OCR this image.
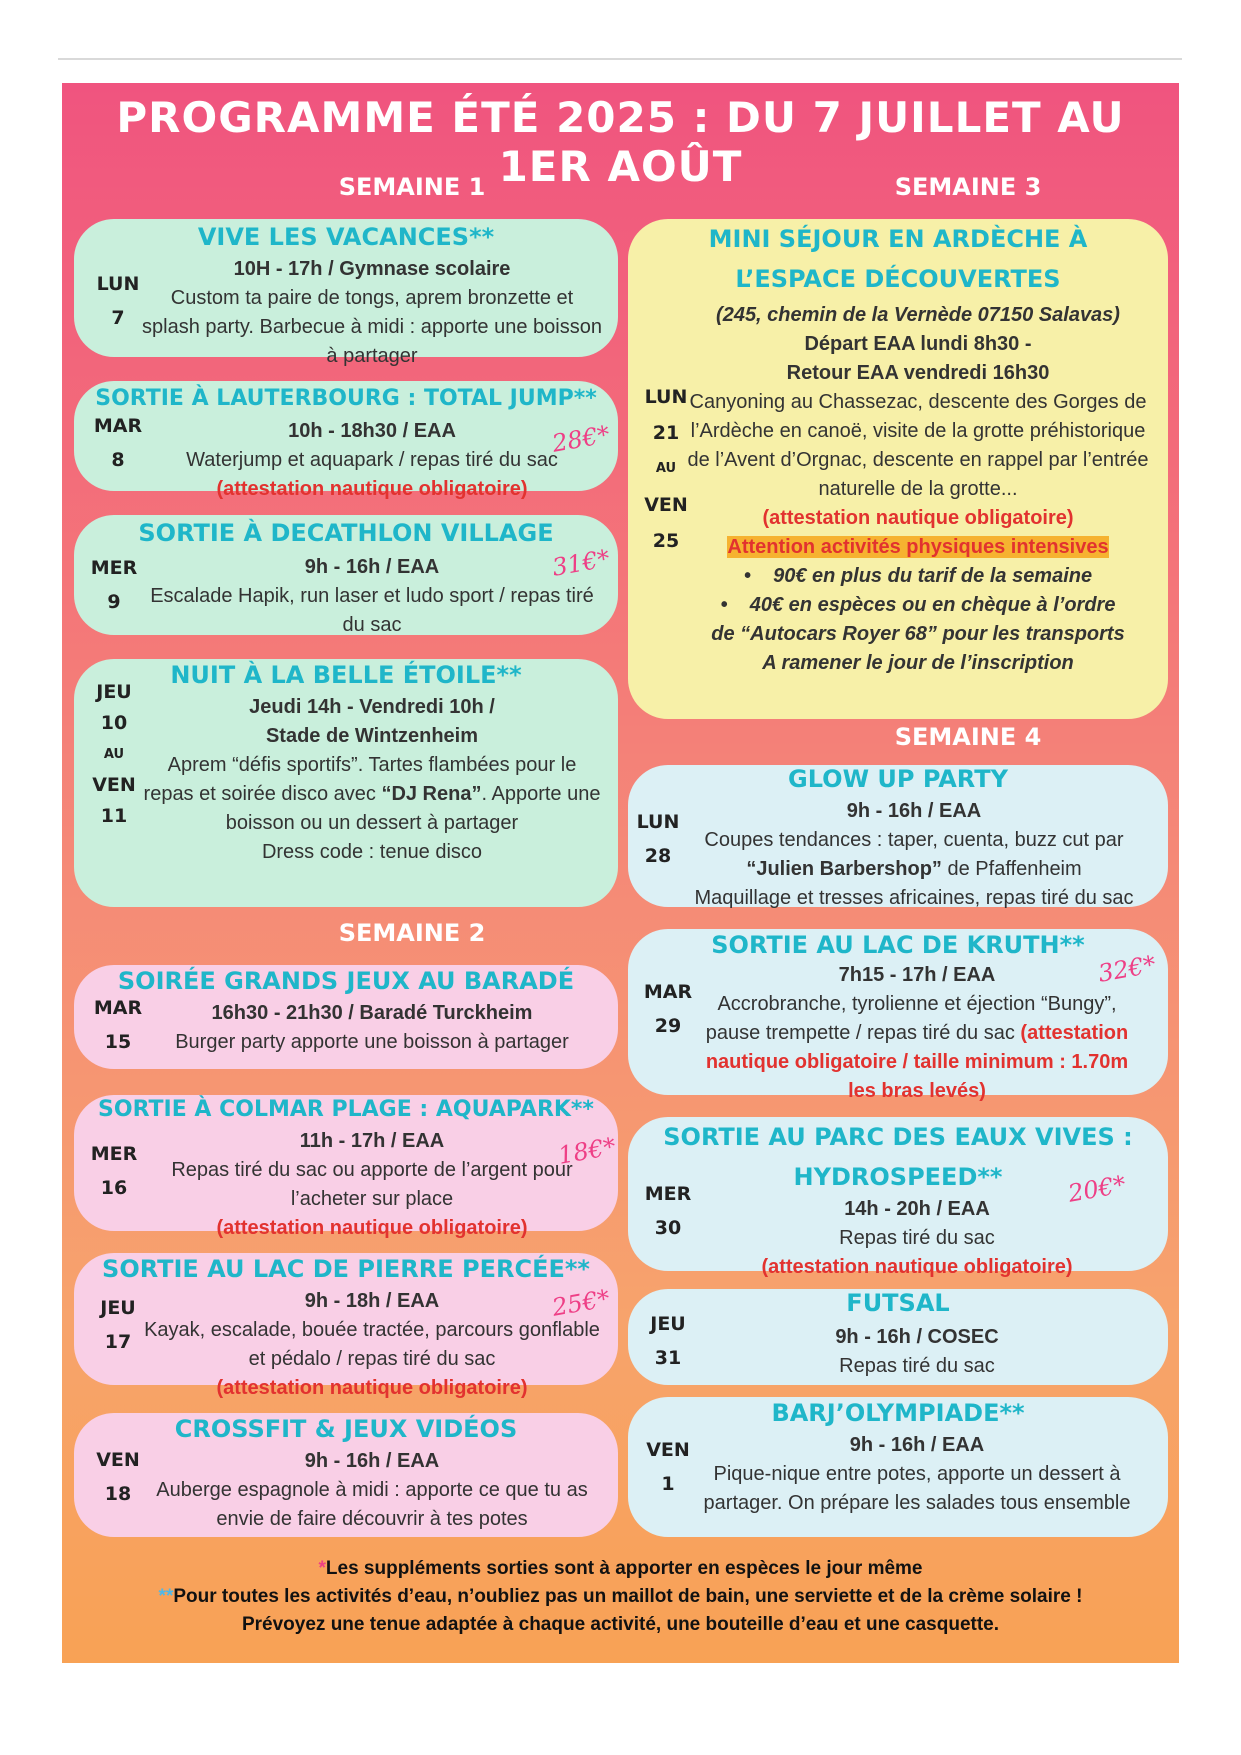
PROGRAMME ÉTÉ 2025 : DU 7 JUILLET AU 1ER AOÛT
SEMAINE 1
VIVE LES VACANCES**
LUN
7
10H - 17h / Gymnase scolaire
Custom ta paire de tongs, aprem bronzette et splash party. Barbecue à midi : apporte une boisson à partager
SORTIE À LAUTERBOURG : TOTAL JUMP**
MAR
8
10h - 18h30 / EAA
Waterjump et aquapark / repas tiré du sac
(attestation nautique obligatoire)
28€*
SORTIE À DECATHLON VILLAGE
MER
9
9h - 16h / EAA
Escalade Hapik, run laser et ludo sport / repas tiré du sac
31€*
NUIT À LA BELLE ÉTOILE**
JEU
10
AU
VEN
11
Jeudi 14h - Vendredi 10h /
Stade de Wintzenheim
Aprem “défis sportifs”. Tartes flambées pour le repas et soirée disco avec “DJ Rena”. Apporte une boisson ou un dessert à partager
Dress code : tenue disco
SEMAINE 2
SOIRÉE GRANDS JEUX AU BARADÉ
MAR
15
16h30 - 21h30 / Baradé Turckheim
Burger party apporte une boisson à partager
SORTIE À COLMAR PLAGE : AQUAPARK**
MER
16
11h - 17h / EAA
Repas tiré du sac ou apporte de l’argent pour l’acheter sur place
(attestation nautique obligatoire)
18€*
SORTIE AU LAC DE PIERRE PERCÉE**
JEU
17
9h - 18h / EAA
Kayak, escalade, bouée tractée, parcours gonflable et pédalo / repas tiré du sac
(attestation nautique obligatoire)
25€*
CROSSFIT & JEUX VIDÉOS
VEN
18
9h - 16h / EAA
Auberge espagnole à midi : apporte ce que tu as envie de faire découvrir à tes potes
SEMAINE 3
MINI SÉJOUR EN ARDÈCHE À
L’ESPACE DÉCOUVERTES
LUN
21
AU
VEN
25
(245, chemin de la Vernède 07150 Salavas)
Départ EAA lundi 8h30 -
Retour EAA vendredi 16h30
Canyoning au Chassezac, descente des Gorges de l’Ardèche en canoë, visite de la grotte préhistorique de l’Avent d’Orgnac, descente en rappel par l’entrée naturelle de la grotte...
(attestation nautique obligatoire)
Attention activités physiques intensives
•    90€ en plus du tarif de la semaine
•    40€ en espèces ou en chèque à l’ordre
de “Autocars Royer 68” pour les transports
A ramener le jour de l’inscription
SEMAINE 4
GLOW UP PARTY
LUN
28
9h - 16h / EAA
Coupes tendances : taper, cuenta, buzz cut par
“Julien Barbershop” de Pfaffenheim
Maquillage et tresses africaines, repas tiré du sac
SORTIE AU LAC DE KRUTH**
MAR
29
7h15 - 17h / EAA
Accrobranche, tyrolienne et éjection “Bungy”, pause trempette / repas tiré du sac (attestation nautique obligatoire / taille minimum : 1.70m les bras levés)
32€*
SORTIE AU PARC DES EAUX VIVES :
HYDROSPEED**
MER
30
14h - 20h / EAA
Repas tiré du sac
(attestation nautique obligatoire)
20€*
FUTSAL
JEU
31
9h - 16h / COSEC
Repas tiré du sac
BARJ’OLYMPIADE**
VEN
1
9h - 16h / EAA
Pique-nique entre potes, apporte un dessert à partager. On prépare les salades tous ensemble
*Les suppléments sorties sont à apporter en espèces le jour même
**Pour toutes les activités d’eau, n’oubliez pas un maillot de bain, une serviette et de la crème solaire !
Prévoyez une tenue adaptée à chaque activité, une bouteille d’eau et une casquette.
